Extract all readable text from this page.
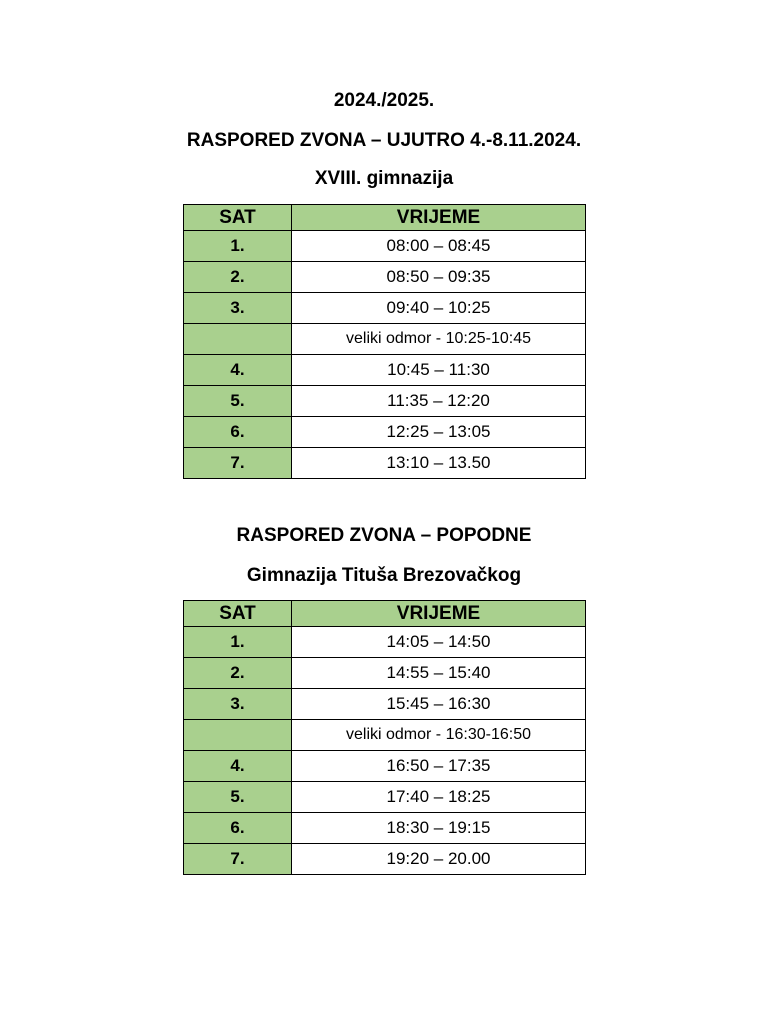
2024./2025.
RASPORED ZVONA – UJUTRO 4.-8.11.2024.
XVIII. gimnazija
SAT	VRIJEME
1.	08:00 – 08:45
2.	08:50 – 09:35
3.	09:40 – 10:25
	veliki odmor - 10:25-10:45
4.	10:45 – 11:30
5.	11:35 – 12:20
6.	12:25 – 13:05
7.	13:10 – 13.50
RASPORED ZVONA – POPODNE
Gimnazija Tituša Brezovačkog
SAT	VRIJEME
1.	14:05 – 14:50
2.	14:55 – 15:40
3.	15:45 – 16:30
	veliki odmor - 16:30-16:50
4.	16:50 – 17:35
5.	17:40 – 18:25
6.	18:30 – 19:15
7.	19:20 – 20.00
